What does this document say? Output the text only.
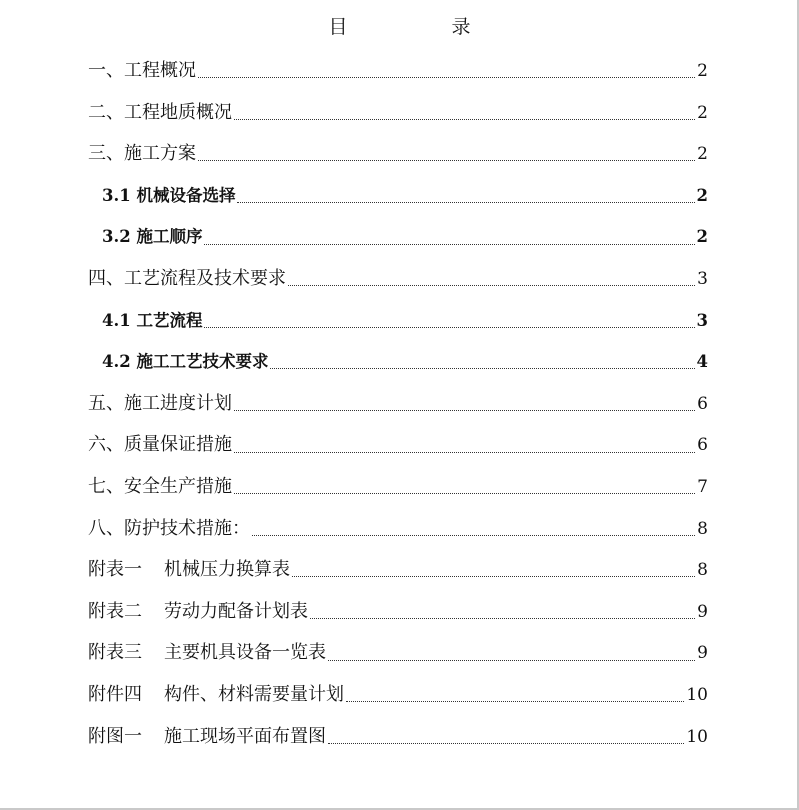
目	录
一、工程概况	2
二、工程地质概况	2
三、施工方案	2
3.1 机械设备选择	2
3.2 施工顺序	2
四、工艺流程及技术要求	3
4.1 工艺流程	3
4.2 施工工艺技术要求	4
五、施工进度计划	6
六、质量保证措施	6
七、安全生产措施	7
八、防护技术措施：	8
附表一 机械压力换算表	8
附表二 劳动力配备计划表	9
附表三 主要机具设备一览表	9
附件四 构件、材料需要量计划	10
附图一 施工现场平面布置图	10
